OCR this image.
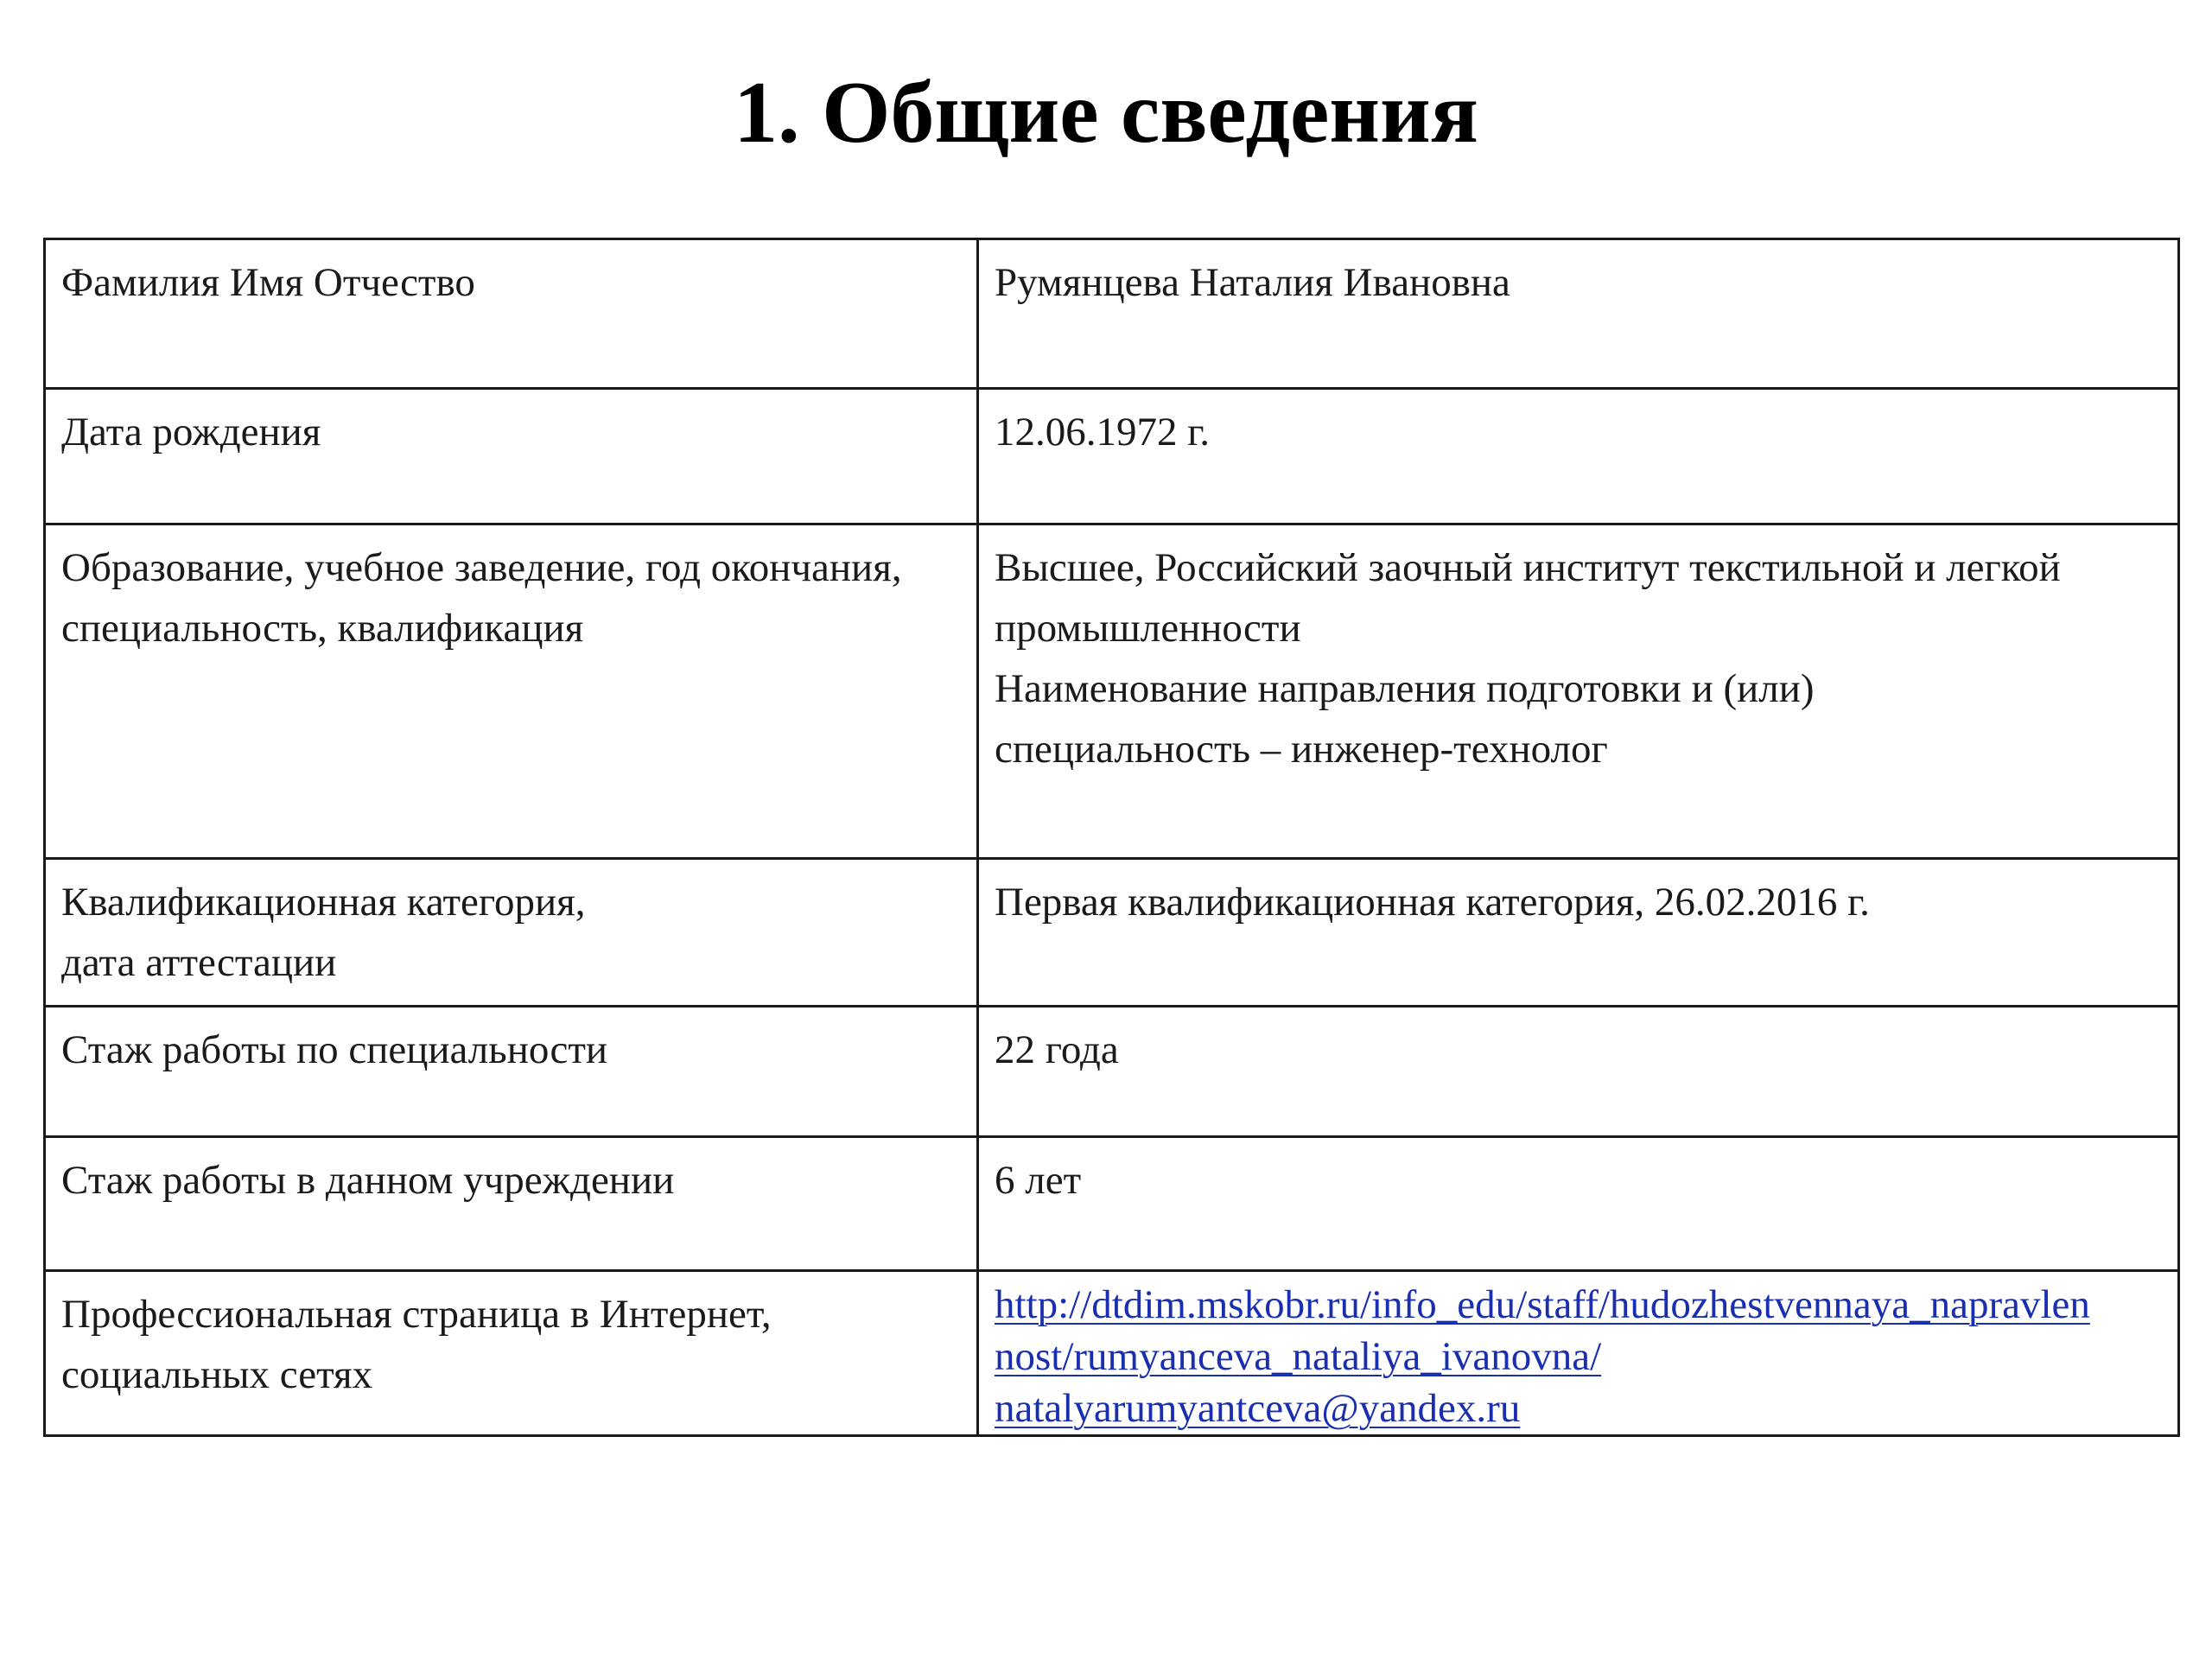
1. Общие сведения
Фамилия Имя Отчество	Румянцева Наталия Ивановна

Дата рождения	12.06.1972 г.

Образование, учебное заведение, год окончания,
специальность, квалификация	Высшее, Российский заочный институт текстильной и легкой
промышленности
Наименование направления подготовки и (или)
специальность – инженер-технолог

Квалификационная категория,
дата аттестации	Первая квалификационная категория, 26.02.2016 г.

Стаж работы по специальности	22 года

Стаж работы в данном учреждении	6 лет

Профессиональная страница в Интернет,
социальных сетях	http://dtdim.mskobr.ru/info_edu/staff/hudozhestvennaya_napravlen
nost/rumyanceva_nataliya_ivanovna/
natalyarumyantceva@yandex.ru
